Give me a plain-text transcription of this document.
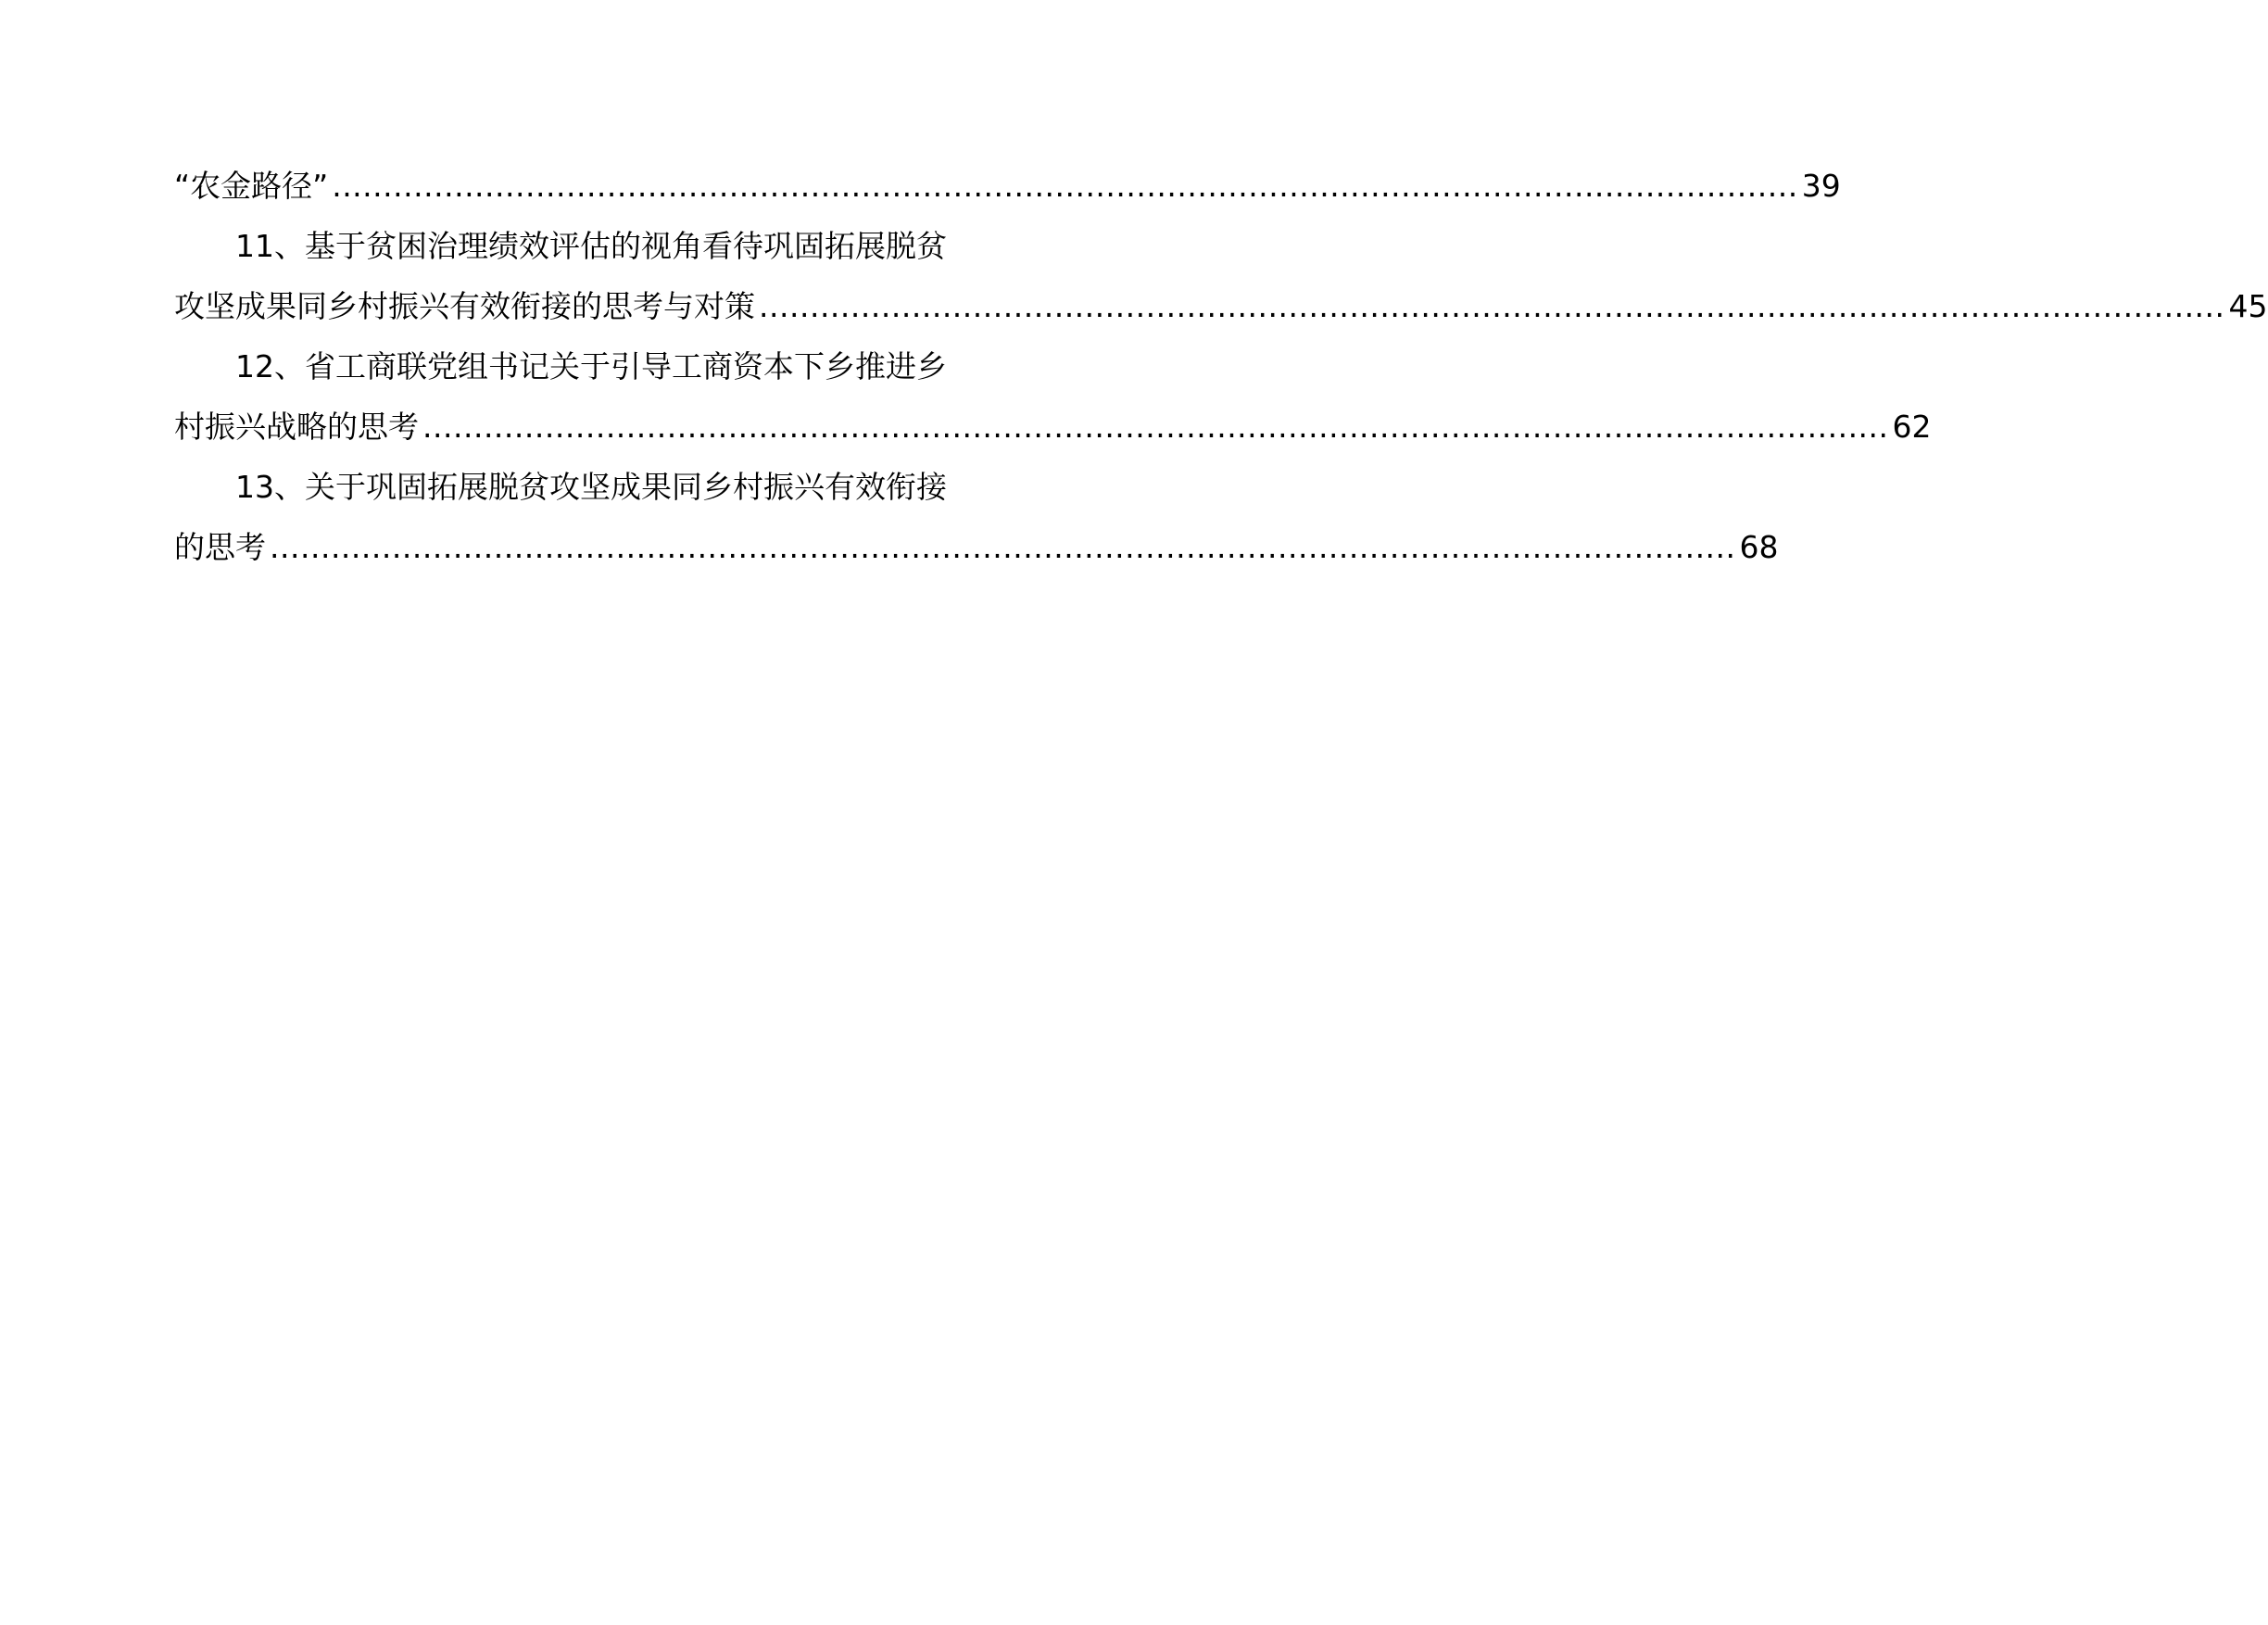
“农金路径” ................................................................................................................................................ 39
11、基于贫困治理绩效评估的视角看待巩固拓展脱贫
攻坚成果同乡村振兴有效衔接的思考与对策 ................................................................................................................................................ 45
12、省工商联党组书记关于引导工商资本下乡推进乡
村振兴战略的思考 ................................................................................................................................................ 62
13、关于巩固拓展脱贫攻坚成果同乡村振兴有效衔接
的思考 ................................................................................................................................................ 68
